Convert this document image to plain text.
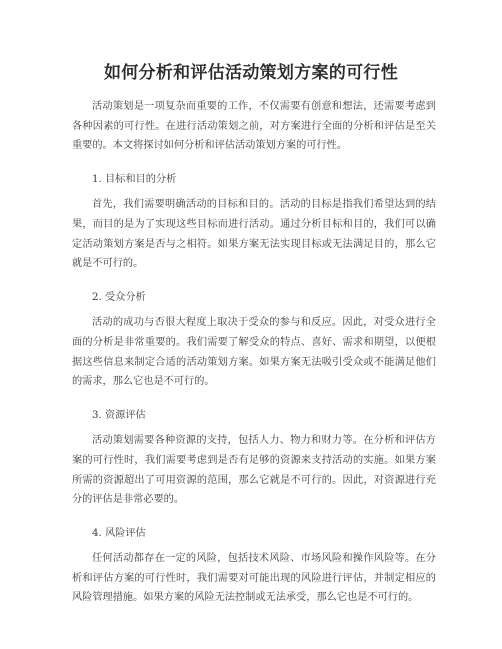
如何分析和评估活动策划方案的可行性

活动策划是一项复杂而重要的工作，不仅需要有创意和想法，还需要考虑到各种因素的可行性。在进行活动策划之前，对方案进行全面的分析和评估是至关重要的。本文将探讨如何分析和评估活动策划方案的可行性。

1. 目标和目的分析

首先，我们需要明确活动的目标和目的。活动的目标是指我们希望达到的结果，而目的是为了实现这些目标而进行活动。通过分析目标和目的，我们可以确定活动策划方案是否与之相符。如果方案无法实现目标或无法满足目的，那么它就是不可行的。

2. 受众分析

活动的成功与否很大程度上取决于受众的参与和反应。因此，对受众进行全面的分析是非常重要的。我们需要了解受众的特点、喜好、需求和期望，以便根据这些信息来制定合适的活动策划方案。如果方案无法吸引受众或不能满足他们的需求，那么它也是不可行的。

3. 资源评估

活动策划需要各种资源的支持，包括人力、物力和财力等。在分析和评估方案的可行性时，我们需要考虑到是否有足够的资源来支持活动的实施。如果方案所需的资源超出了可用资源的范围，那么它就是不可行的。因此，对资源进行充分的评估是非常必要的。

4. 风险评估

任何活动都存在一定的风险，包括技术风险、市场风险和操作风险等。在分析和评估方案的可行性时，我们需要对可能出现的风险进行评估，并制定相应的风险管理措施。如果方案的风险无法控制或无法承受，那么它也是不可行的。
